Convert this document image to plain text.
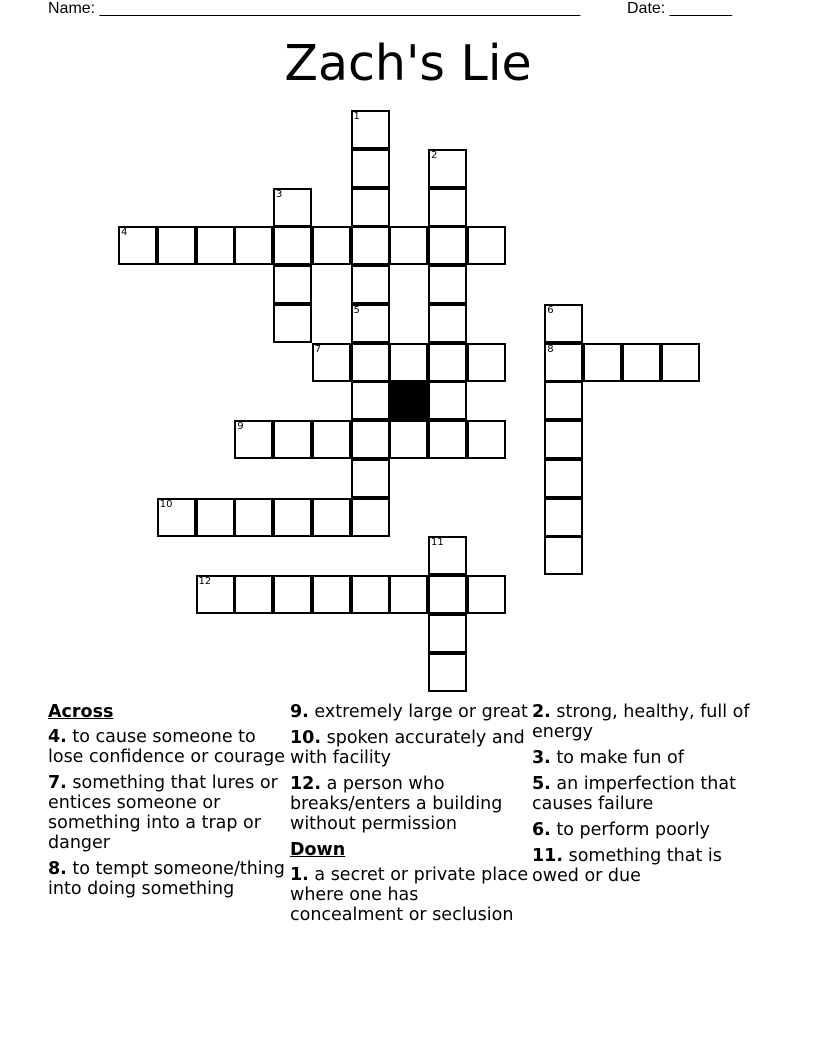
Name: ______________________________________________________	Date: _______
Zach's Lie
4
7	8
9
10
12
1
5
2
3
6
11
Across
4. to cause someone to lose confidence or courage
7. something that lures or entices someone or something into a trap or danger
8. to tempt someone/thing into doing something
9. extremely large or great
10. spoken accurately and with facility
12. a person who breaks/enters a building without permission
Down
1. a secret or private place where one has concealment or seclusion
2. strong, healthy, full of energy
3. to make fun of
5. an imperfection that causes failure
6. to perform poorly
11. something that is owed or due
